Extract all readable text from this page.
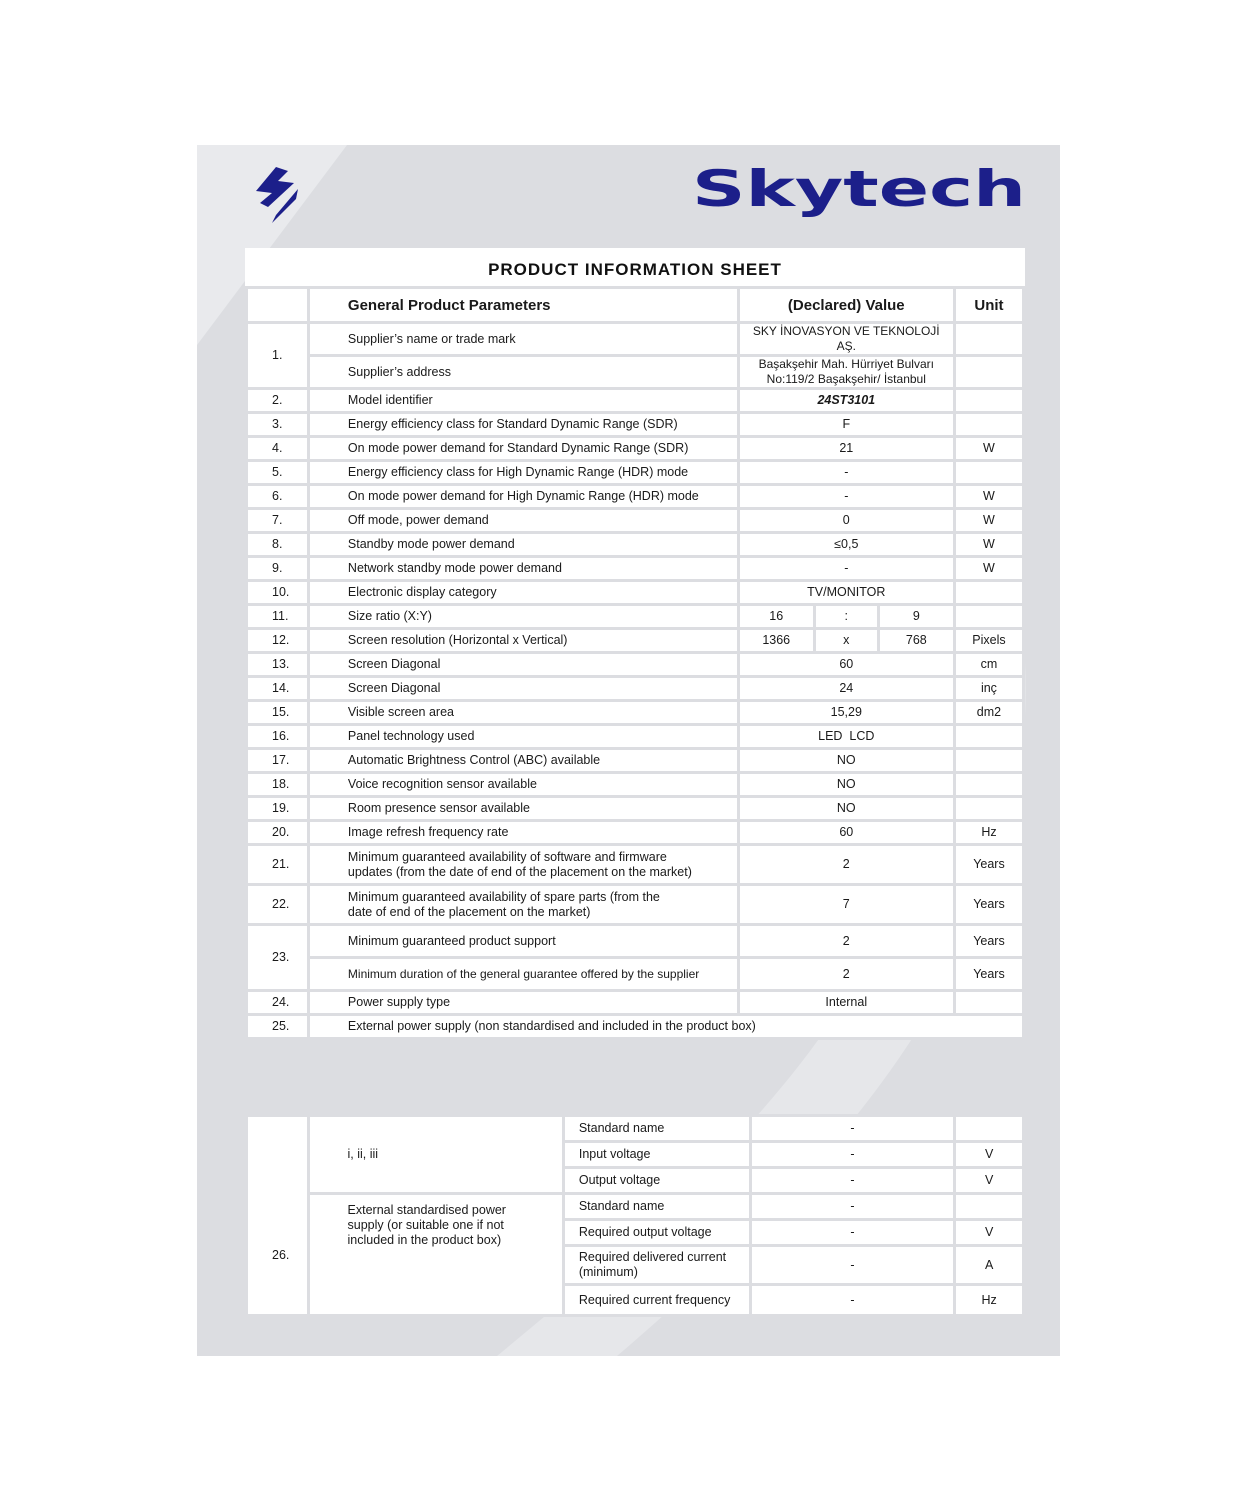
Skytech
PRODUCT INFORMATION SHEET
	General Product Parameters	(Declared) Value			Unit
1.	Supplier’s name or trade mark	SKY İNOVASYON VE TEKNOLOJİ AŞ.			
	Supplier’s address	Başakşehir Mah. Hürriyet Bulvarı
No:119/2 Başakşehir/ İstanbul			

2.	Model identifier	24ST3101			
3.	Energy efficiency class for Standard Dynamic Range (SDR)	F			
4.	On mode power demand for Standard Dynamic Range (SDR)	21			W
5.	Energy efficiency class for High Dynamic Range (HDR) mode	-			
6.	On mode power demand for High Dynamic Range (HDR) mode	-			W
7.	Off mode, power demand	0			W
8.	Standby mode power demand	≤0,5			W
9.	Network standby mode power demand	-			W
10.	Electronic display category	TV/MONITOR			
11.	Size ratio (X:Y)	16	:	9	
12.	Screen resolution (Horizontal x Vertical)	1366	x	768	Pixels
13.	Screen Diagonal	60			cm
14.	Screen Diagonal	24			inç
15.	Visible screen area	15,29			dm2
16.	Panel technology used	LED  LCD			
17.	Automatic Brightness Control (ABC) available	NO			
18.	Voice recognition sensor available	NO			
19.	Room presence sensor available	NO			
20.	Image refresh frequency rate	60			Hz
21.	Minimum guaranteed availability of software and firmware
updates (from the date of end of the placement on the market)	2			Years
22.	Minimum guaranteed availability of spare parts (from the
date of end of the placement on the market)	7			Years
23.	Minimum guaranteed product support	2			Years
	Minimum duration of the general guarantee offered by the supplier	2			Years
24.	Power supply type	Internal			
25.	External power supply (non standardised and included in the product box)				
26.	i, ii, iii	Standard name	-	
		Input voltage	-	V
		Output voltage	-	V
	External standardised power supply (or suitable one if not included in the product box)	Standard name	-	
		Required output voltage	-	V
		Required delivered current (minimum)	-	A
		Required current frequency	-	Hz
